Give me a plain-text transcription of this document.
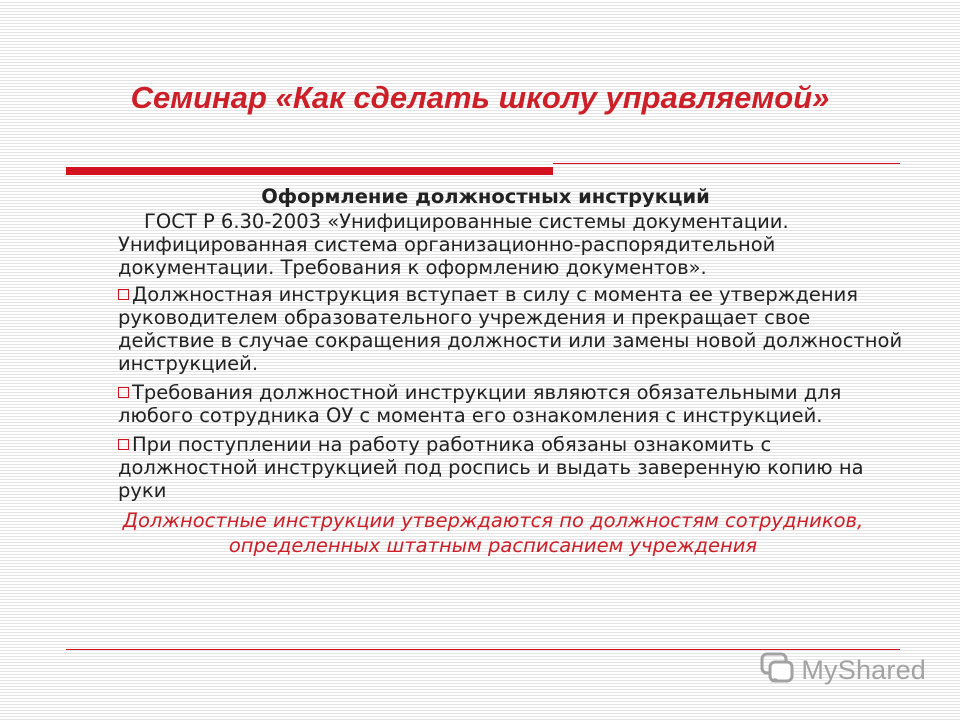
Семинар «Как сделать школу управляемой»

Оформление должностных инструкций

ГОСТ Р 6.30-2003 «Унифицированные системы документации. Унифицированная система организационно-распорядительной документации. Требования к оформлению документов».

Должностная инструкция вступает в силу с момента ее утверждения руководителем образовательного учреждения и прекращает свое действие в случае сокращения должности или замены новой должностной инструкцией.

Требования должностной инструкции являются обязательными для любого сотрудника ОУ с момента его ознакомления с инструкцией.

При поступлении на работу работника обязаны ознакомить с должностной инструкцией под роспись и выдать заверенную копию на руки

Должностные инструкции утверждаются по должностям сотрудников, определенных штатным расписанием учреждения

MyShared
